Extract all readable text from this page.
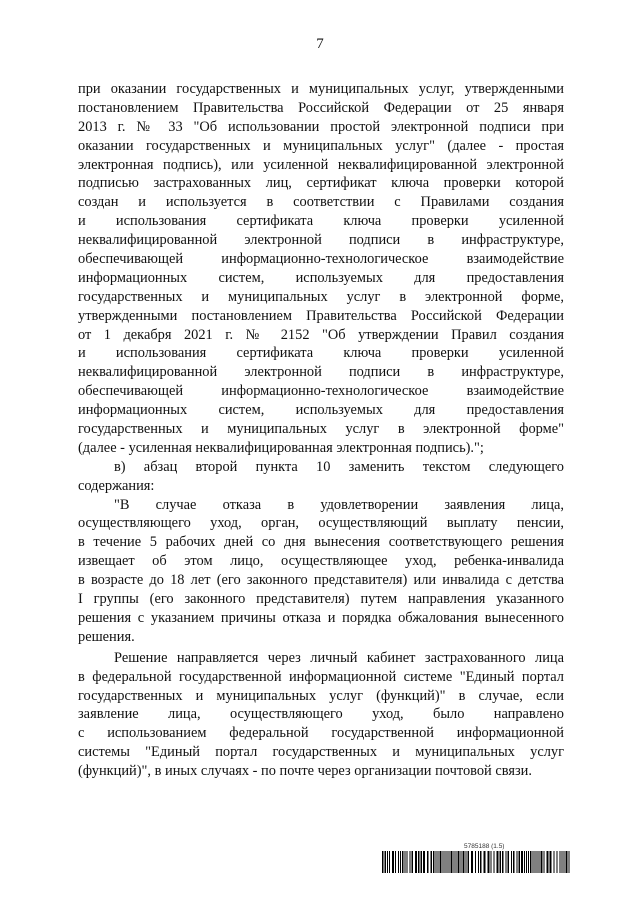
7
при оказании государственных и муниципальных услуг, утвержденными
постановлением Правительства Российской Федерации от 25 января
2013 г. № 33 "Об использовании простой электронной подписи при
оказании государственных и муниципальных услуг" (далее - простая
электронная подпись), или усиленной неквалифицированной электронной
подписью застрахованных лиц, сертификат ключа проверки которой
создан и используется в соответствии с Правилами создания
и использования сертификата ключа проверки усиленной
неквалифицированной электронной подписи в инфраструктуре,
обеспечивающей информационно-технологическое взаимодействие
информационных систем, используемых для предоставления
государственных и муниципальных услуг в электронной форме,
утвержденными постановлением Правительства Российской Федерации
от 1 декабря 2021 г. № 2152 "Об утверждении Правил создания
и использования сертификата ключа проверки усиленной
неквалифицированной электронной подписи в инфраструктуре,
обеспечивающей информационно-технологическое взаимодействие
информационных систем, используемых для предоставления
государственных и муниципальных услуг в электронной форме"
(далее - усиленная неквалифицированная электронная подпись).";
в) абзац второй пункта 10 заменить текстом следующего
содержания:
"В случае отказа в удовлетворении заявления лица,
осуществляющего уход, орган, осуществляющий выплату пенсии,
в течение 5 рабочих дней со дня вынесения соответствующего решения
извещает об этом лицо, осуществляющее уход, ребенка-инвалида
в возрасте до 18 лет (его законного представителя) или инвалида с детства
I группы (его законного представителя) путем направления указанного
решения с указанием причины отказа и порядка обжалования вынесенного
решения.
Решение направляется через личный кабинет застрахованного лица
в федеральной государственной информационной системе "Единый портал
государственных и муниципальных услуг (функций)" в случае, если
заявление лица, осуществляющего уход, было направлено
с использованием федеральной государственной информационной
системы "Единый портал государственных и муниципальных услуг
(функций)", в иных случаях - по почте через организации почтовой связи.
5785188 (1.5)
